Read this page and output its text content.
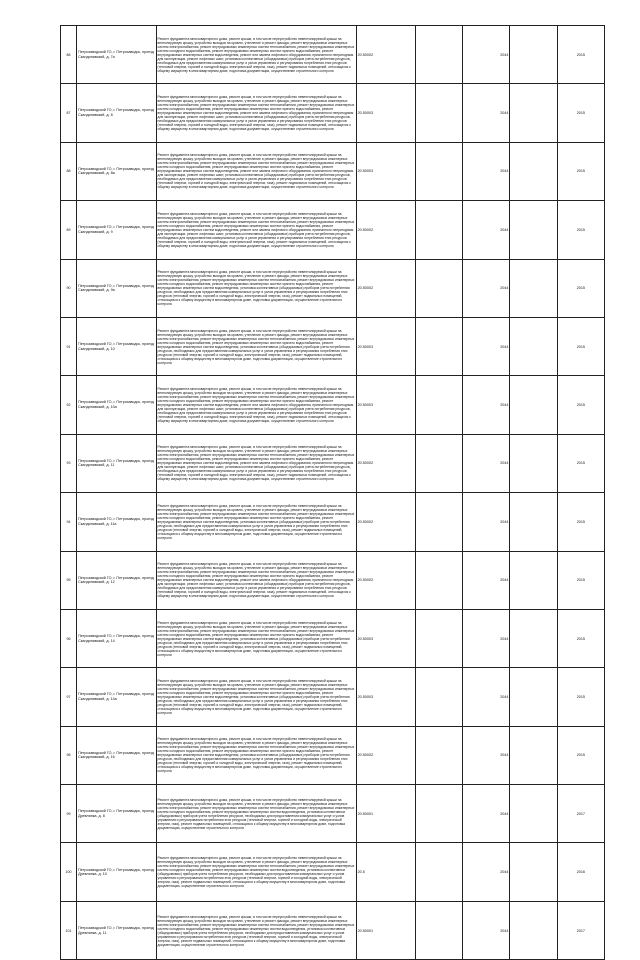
86	Петрозаводский ГО, г. Петрозаводск, проезд Скандинавский, д. 7а	Ремонт фундамента многоквартирного дома, ремонт крыши, в том числе переустройство невентилируемой крыши на вентилируемую крышу, устройство выходов на кровлю, утепление и ремонт фасада, ремонт внутридомовых инженерных систем электроснабжения, ремонт внутридомовых инженерных систем теплоснабжения, ремонт внутридомовых инженерных систем холодного водоснабжения, ремонт внутридомовых инженерных систем горячего водоснабжения, ремонт внутридомовых инженерных систем водоотведения, ремонт или замена лифтового оборудования, признанного непригодным для эксплуатации, ремонт лифтовых шахт, установка коллективных (общедомовых) приборов учета потребления ресурсов, необходимых для предоставления коммунальных услуг и узлов управления и регулирования потребления этих ресурсов (тепловой энергии, горячей и холодной воды, электрической энергии, газа), ремонт подвальных помещений, относящихся к общему имуществу в многоквартирном доме, подготовка документации, осуществление строительного контроля	20.50002		2044		2015
87	Петрозаводский ГО, г. Петрозаводск, проезд Скандинавский, д. 8	Ремонт фундамента многоквартирного дома, ремонт крыши, в том числе переустройство невентилируемой крыши на вентилируемую крышу, устройство выходов на кровлю, утепление и ремонт фасада, ремонт внутридомовых инженерных систем электроснабжения, ремонт внутридомовых инженерных систем теплоснабжения, ремонт внутридомовых инженерных систем холодного водоснабжения, ремонт внутридомовых инженерных систем горячего водоснабжения, ремонт внутридомовых инженерных систем водоотведения, ремонт или замена лифтового оборудования, признанного непригодным для эксплуатации, ремонт лифтовых шахт, установка коллективных (общедомовых) приборов учета потребления ресурсов, необходимых для предоставления коммунальных услуг и узлов управления и регулирования потребления этих ресурсов (тепловой энергии, горячей и холодной воды, электрической энергии, газа), ремонт подвальных помещений, относящихся к общему имуществу в многоквартирном доме, подготовка документации, осуществление строительного контроля	20.50003		2044		2015
88	Петрозаводский ГО, г. Петрозаводск, проезд Скандинавский, д. 8а	Ремонт фундамента многоквартирного дома, ремонт крыши, в том числе переустройство невентилируемой крыши на вентилируемую крышу, устройство выходов на кровлю, утепление и ремонт фасада, ремонт внутридомовых инженерных систем электроснабжения, ремонт внутридомовых инженерных систем теплоснабжения, ремонт внутридомовых инженерных систем холодного водоснабжения, ремонт внутридомовых инженерных систем горячего водоснабжения, ремонт внутридомовых инженерных систем водоотведения, ремонт или замена лифтового оборудования, признанного непригодным для эксплуатации, ремонт лифтовых шахт, установка коллективных (общедомовых) приборов учета потребления ресурсов, необходимых для предоставления коммунальных услуг и узлов управления и регулирования потребления этих ресурсов (тепловой энергии, горячей и холодной воды, электрической энергии, газа), ремонт подвальных помещений, относящихся к общему имуществу в многоквартирном доме, подготовка документации, осуществление строительного контроля	20.50003		2044		2015
89	Петрозаводский ГО, г. Петрозаводск, проезд Скандинавский, д. 9	Ремонт фундамента многоквартирного дома, ремонт крыши, в том числе переустройство невентилируемой крыши на вентилируемую крышу, устройство выходов на кровлю, утепление и ремонт фасада, ремонт внутридомовых инженерных систем электроснабжения, ремонт внутридомовых инженерных систем теплоснабжения, ремонт внутридомовых инженерных систем холодного водоснабжения, ремонт внутридомовых инженерных систем горячего водоснабжения, ремонт внутридомовых инженерных систем водоотведения, ремонт или замена лифтового оборудования, признанного непригодным для эксплуатации, ремонт лифтовых шахт, установка коллективных (общедомовых) приборов учета потребления ресурсов, необходимых для предоставления коммунальных услуг и узлов управления и регулирования потребления этих ресурсов (тепловой энергии, горячей и холодной воды, электрической энергии, газа), ремонт подвальных помещений, относящихся к общему имуществу в многоквартирном доме, подготовка документации, осуществление строительного контроля	20.50002		2044		2015
90	Петрозаводский ГО, г. Петрозаводск, проезд Скандинавский, д. 9а	Ремонт фундамента многоквартирного дома, ремонт крыши, в том числе переустройство невентилируемой крыши на вентилируемую крышу, устройство выходов на кровлю, утепление и ремонт фасада, ремонт внутридомовых инженерных систем электроснабжения, ремонт внутридомовых инженерных систем теплоснабжения, ремонт внутридомовых инженерных систем холодного водоснабжения, ремонт внутридомовых инженерных систем горячего водоснабжения, ремонт внутридомовых инженерных систем водоотведения, установка коллективных (общедомовых) приборов учета потребления ресурсов, необходимых для предоставления коммунальных услуг и узлов управления и регулирования потребления этих ресурсов (тепловой энергии, горячей и холодной воды, электрической энергии, газа), ремонт подвальных помещений, относящихся к общему имуществу в многоквартирном доме, подготовка документации, осуществление строительного контроля	20.50002		2044		2015
91	Петрозаводский ГО, г. Петрозаводск, проезд Скандинавский, д. 10	Ремонт фундамента многоквартирного дома, ремонт крыши, в том числе переустройство невентилируемой крыши на вентилируемую крышу, устройство выходов на кровлю, утепление и ремонт фасада, ремонт внутридомовых инженерных систем электроснабжения, ремонт внутридомовых инженерных систем теплоснабжения, ремонт внутридомовых инженерных систем холодного водоснабжения, ремонт внутридомовых инженерных систем горячего водоснабжения, ремонт внутридомовых инженерных систем водоотведения, установка коллективных (общедомовых) приборов учета потребления ресурсов, необходимых для предоставления коммунальных услуг и узлов управления и регулирования потребления этих ресурсов (тепловой энергии, горячей и холодной воды, электрической энергии, газа), ремонт подвальных помещений, относящихся к общему имуществу в многоквартирном доме, подготовка документации, осуществление строительного контроля	20.50003		2044		2015
92	Петрозаводский ГО, г. Петрозаводск, проезд Скандинавский, д. 10а	Ремонт фундамента многоквартирного дома, ремонт крыши, в том числе переустройство невентилируемой крыши на вентилируемую крышу, устройство выходов на кровлю, утепление и ремонт фасада, ремонт внутридомовых инженерных систем электроснабжения, ремонт внутридомовых инженерных систем теплоснабжения, ремонт внутридомовых инженерных систем холодного водоснабжения, ремонт внутридомовых инженерных систем горячего водоснабжения, ремонт внутридомовых инженерных систем водоотведения, ремонт или замена лифтового оборудования, признанного непригодным для эксплуатации, ремонт лифтовых шахт, установка коллективных (общедомовых) приборов учета потребления ресурсов, необходимых для предоставления коммунальных услуг и узлов управления и регулирования потребления этих ресурсов (тепловой энергии, горячей и холодной воды, электрической энергии, газа), ремонт подвальных помещений, относящихся к общему имуществу в многоквартирном доме, подготовка документации, осуществление строительного контроля	20.50003		2044		2015
93	Петрозаводский ГО, г. Петрозаводск, проезд Скандинавский, д. 11	Ремонт фундамента многоквартирного дома, ремонт крыши, в том числе переустройство невентилируемой крыши на вентилируемую крышу, устройство выходов на кровлю, утепление и ремонт фасада, ремонт внутридомовых инженерных систем электроснабжения, ремонт внутридомовых инженерных систем теплоснабжения, ремонт внутридомовых инженерных систем холодного водоснабжения, ремонт внутридомовых инженерных систем горячего водоснабжения, ремонт внутридомовых инженерных систем водоотведения, ремонт или замена лифтового оборудования, признанного непригодным для эксплуатации, ремонт лифтовых шахт, установка коллективных (общедомовых) приборов учета потребления ресурсов, необходимых для предоставления коммунальных услуг и узлов управления и регулирования потребления этих ресурсов (тепловой энергии, горячей и холодной воды, электрической энергии, газа), ремонт подвальных помещений, относящихся к общему имуществу в многоквартирном доме, подготовка документации, осуществление строительного контроля	20.50002		2044		2015
94	Петрозаводский ГО, г. Петрозаводск, проезд Скандинавский, д. 11а	Ремонт фундамента многоквартирного дома, ремонт крыши, в том числе переустройство невентилируемой крыши на вентилируемую крышу, устройство выходов на кровлю, утепление и ремонт фасада, ремонт внутридомовых инженерных систем электроснабжения, ремонт внутридомовых инженерных систем теплоснабжения, ремонт внутридомовых инженерных систем холодного водоснабжения, ремонт внутридомовых инженерных систем горячего водоснабжения, ремонт внутридомовых инженерных систем водоотведения, установка коллективных (общедомовых) приборов учета потребления ресурсов, необходимых для предоставления коммунальных услуг и узлов управления и регулирования потребления этих ресурсов (тепловой энергии, горячей и холодной воды, электрической энергии, газа), ремонт подвальных помещений, относящихся к общему имуществу в многоквартирном доме, подготовка документации, осуществление строительного контроля	20.50002		2044		2015
95	Петрозаводский ГО, г. Петрозаводск, проезд Скандинавский, д. 12	Ремонт фундамента многоквартирного дома, ремонт крыши, в том числе переустройство невентилируемой крыши на вентилируемую крышу, устройство выходов на кровлю, утепление и ремонт фасада, ремонт внутридомовых инженерных систем электроснабжения, ремонт внутридомовых инженерных систем теплоснабжения, ремонт внутридомовых инженерных систем холодного водоснабжения, ремонт внутридомовых инженерных систем горячего водоснабжения, ремонт внутридомовых инженерных систем водоотведения, ремонт или замена лифтового оборудования, признанного непригодным для эксплуатации, ремонт лифтовых шахт, установка коллективных (общедомовых) приборов учета потребления ресурсов, необходимых для предоставления коммунальных услуг и узлов управления и регулирования потребления этих ресурсов (тепловой энергии, горячей и холодной воды, электрической энергии, газа), ремонт подвальных помещений, относящихся к общему имуществу в многоквартирном доме, подготовка документации, осуществление строительного контроля	20.50002		2044		2015
96	Петрозаводский ГО, г. Петрозаводск, проезд Скандинавский, д. 14	Ремонт фундамента многоквартирного дома, ремонт крыши, в том числе переустройство невентилируемой крыши на вентилируемую крышу, устройство выходов на кровлю, утепление и ремонт фасада, ремонт внутридомовых инженерных систем электроснабжения, ремонт внутридомовых инженерных систем теплоснабжения, ремонт внутридомовых инженерных систем холодного водоснабжения, ремонт внутридомовых инженерных систем горячего водоснабжения, ремонт внутридомовых инженерных систем водоотведения, установка коллективных (общедомовых) приборов учета потребления ресурсов, необходимых для предоставления коммунальных услуг и узлов управления и регулирования потребления этих ресурсов (тепловой энергии, горячей и холодной воды, электрической энергии, газа), ремонт подвальных помещений, относящихся к общему имуществу в многоквартирном доме, подготовка документации, осуществление строительного контроля	20.50003		2044		2015
97	Петрозаводский ГО, г. Петрозаводск, проезд Скандинавский, д. 14а	Ремонт фундамента многоквартирного дома, ремонт крыши, в том числе переустройство невентилируемой крыши на вентилируемую крышу, устройство выходов на кровлю, утепление и ремонт фасада, ремонт внутридомовых инженерных систем электроснабжения, ремонт внутридомовых инженерных систем теплоснабжения, ремонт внутридомовых инженерных систем холодного водоснабжения, ремонт внутридомовых инженерных систем горячего водоснабжения, ремонт внутридомовых инженерных систем водоотведения, установка коллективных (общедомовых) приборов учета потребления ресурсов, необходимых для предоставления коммунальных услуг и узлов управления и регулирования потребления этих ресурсов (тепловой энергии, горячей и холодной воды, электрической энергии, газа), ремонт подвальных помещений, относящихся к общему имуществу в многоквартирном доме, подготовка документации, осуществление строительного контроля	20.50003		2044		2015
98	Петрозаводский ГО, г. Петрозаводск, проезд Скандинавский, д. 16	Ремонт фундамента многоквартирного дома, ремонт крыши, в том числе переустройство невентилируемой крыши на вентилируемую крышу, устройство выходов на кровлю, утепление и ремонт фасада, ремонт внутридомовых инженерных систем электроснабжения, ремонт внутридомовых инженерных систем теплоснабжения, ремонт внутридомовых инженерных систем холодного водоснабжения, ремонт внутридомовых инженерных систем горячего водоснабжения, ремонт внутридомовых инженерных систем водоотведения, установка коллективных (общедомовых) приборов учета потребления ресурсов, необходимых для предоставления коммунальных услуг и узлов управления и регулирования потребления этих ресурсов (тепловой энергии, горячей и холодной воды, электрической энергии, газа), ремонт подвальных помещений, относящихся к общему имуществу в многоквартирном доме, подготовка документации, осуществление строительного контроля	20.50002		2044		2015
99	Петрозаводский ГО, г. Петрозаводск, проезд Древлянка, д. 8	Ремонт фундамента многоквартирного дома, ремонт крыши, в том числе переустройство невентилируемой крыши на вентилируемую крышу, устройство выходов на кровлю, утепление и ремонт фасада, ремонт внутридомовых инженерных систем электроснабжения, ремонт внутридомовых инженерных систем теплоснабжения, ремонт внутридомовых инженерных систем холодного водоснабжения, ремонт внутридомовых инженерных систем водоотведения, установка коллективных (общедомовых) приборов учета потребления ресурсов, необходимых для предоставления коммунальных услуг и узлов управления и регулирования потребления этих ресурсов (тепловой энергии, горячей и холодной воды, электрической энергии, газа), ремонт подвальных помещений, относящихся к общему имуществу в многоквартирном доме, подготовка документации, осуществление строительного контроля	20.50001		2044		2017
100	Петрозаводский ГО, г. Петрозаводск, проезд Древлянка, д. 10	Ремонт фундамента многоквартирного дома, ремонт крыши, в том числе переустройство невентилируемой крыши на вентилируемую крышу, устройство выходов на кровлю, утепление и ремонт фасада, ремонт внутридомовых инженерных систем электроснабжения, ремонт внутридомовых инженерных систем теплоснабжения, ремонт внутридомовых инженерных систем холодного водоснабжения, ремонт внутридомовых инженерных систем водоотведения, установка коллективных (общедомовых) приборов учета потребления ресурсов, необходимых для предоставления коммунальных услуг и узлов управления и регулирования потребления этих ресурсов (тепловой энергии, горячей и холодной воды, электрической энергии, газа), ремонт подвальных помещений, относящихся к общему имуществу в многоквартирном доме, подготовка документации, осуществление строительного контроля	20.5		2044		2016
101	Петрозаводский ГО, г. Петрозаводск, проезд Древлянка, д. 11	Ремонт фундамента многоквартирного дома, ремонт крыши, в том числе переустройство невентилируемой крыши на вентилируемую крышу, устройство выходов на кровлю, утепление и ремонт фасада, ремонт внутридомовых инженерных систем электроснабжения, ремонт внутридомовых инженерных систем теплоснабжения, ремонт внутридомовых инженерных систем холодного водоснабжения, ремонт внутридомовых инженерных систем водоотведения, установка коллективных (общедомовых) приборов учета потребления ресурсов, необходимых для предоставления коммунальных услуг и узлов управления и регулирования потребления этих ресурсов (тепловой энергии, горячей и холодной воды, электрической энергии, газа), ремонт подвальных помещений, относящихся к общему имуществу в многоквартирном доме, подготовка документации, осуществление строительного контроля	20.50001		2044		2017
